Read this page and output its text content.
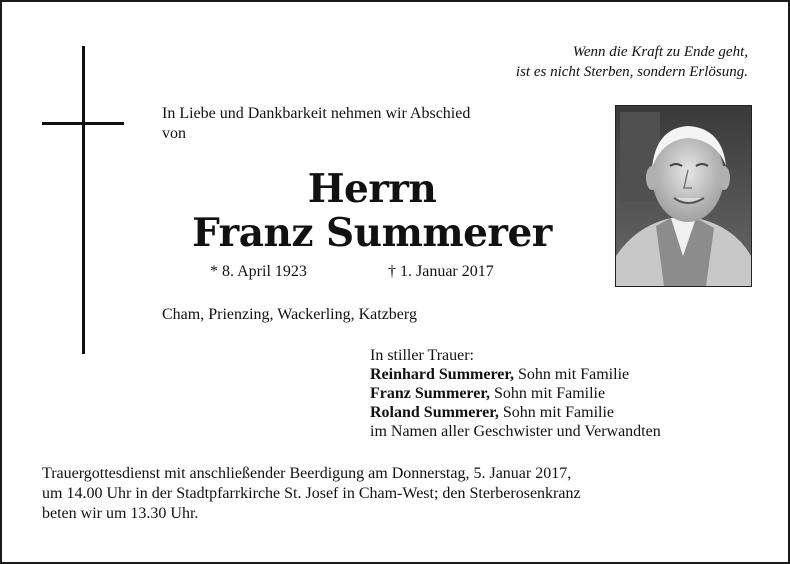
Wenn die Kraft zu Ende geht,
ist es nicht Sterben, sondern Erlösung.
In Liebe und Dankbarkeit nehmen wir Abschied
von
Herrn
Franz Summerer
* 8. April 1923	† 1. Januar 2017
Cham, Prienzing, Wackerling, Katzberg
In stiller Trauer:
Reinhard Summerer, Sohn mit Familie
Franz Summerer, Sohn mit Familie
Roland Summerer, Sohn mit Familie
im Namen aller Geschwister und Verwandten
Trauergottesdienst mit anschließender Beerdigung am Donnerstag, 5. Januar 2017,
um 14.00 Uhr in der Stadtpfarrkirche St. Josef in Cham-West; den Sterberosenkranz
beten wir um 13.30 Uhr.
